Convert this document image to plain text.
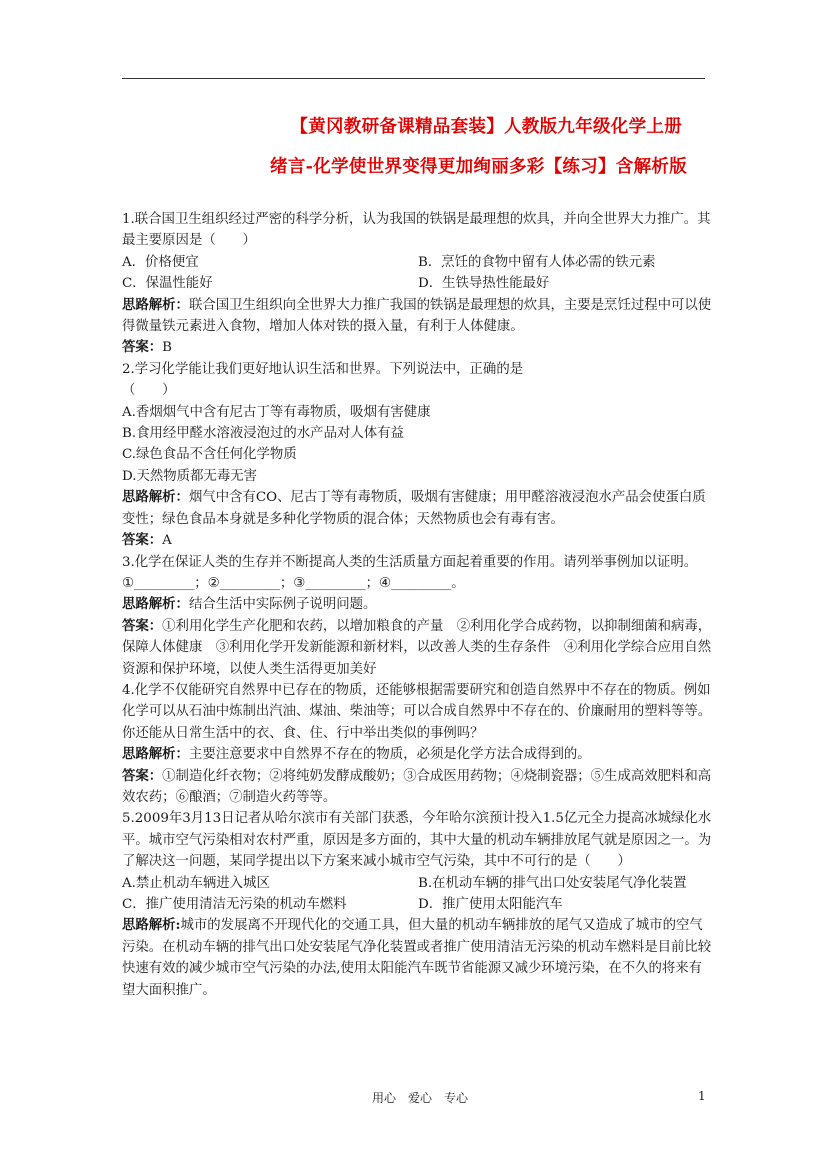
【黄冈教研备课精品套装】人教版九年级化学上册
绪言-化学使世界变得更加绚丽多彩【练习】含解析版

1.联合国卫生组织经过严密的科学分析，认为我国的铁锅是最理想的炊具，并向全世界大力推广。其最主要原因是（　　）

A．价格便宜	B．烹饪的食物中留有人体必需的铁元素
C．保温性能好	D．生铁导热性能最好

思路解析：联合国卫生组织向全世界大力推广我国的铁锅是最理想的炊具，主要是烹饪过程中可以使得微量铁元素进入食物，增加人体对铁的摄入量，有利于人体健康。

答案：B

2.学习化学能让我们更好地认识生活和世界。下列说法中，正确的是

（　　）

A.香烟烟气中含有尼古丁等有毒物质，吸烟有害健康

B.食用经甲醛水溶液浸泡过的水产品对人体有益

C.绿色食品不含任何化学物质

D.天然物质都无毒无害

思路解析：烟气中含有CO、尼古丁等有毒物质，吸烟有害健康；用甲醛溶液浸泡水产品会使蛋白质变性；绿色食品本身就是多种化学物质的混合体；天然物质也会有毒有害。

答案：A

3.化学在保证人类的生存并不断提高人类的生活质量方面起着重要的作用。请列举事例加以证明。

①_________；②_________；③_________；④_________。

思路解析：结合生活中实际例子说明问题。

答案：①利用化学生产化肥和农药，以增加粮食的产量　②利用化学合成药物，以抑制细菌和病毒，保障人体健康　③利用化学开发新能源和新材料，以改善人类的生存条件　④利用化学综合应用自然资源和保护环境，以使人类生活得更加美好

4.化学不仅能研究自然界中已存在的物质，还能够根据需要研究和创造自然界中不存在的物质。例如化学可以从石油中炼制出汽油、煤油、柴油等；可以合成自然界中不存在的、价廉耐用的塑料等等。你还能从日常生活中的衣、食、住、行中举出类似的事例吗？

思路解析：主要注意要求中自然界不存在的物质，必须是化学方法合成得到的。

答案：①制造化纤衣物；②将纯奶发酵成酸奶；③合成医用药物；④烧制瓷器；⑤生成高效肥料和高效农药；⑥酿酒；⑦制造火药等等。

5.2009年3月13日记者从哈尔滨市有关部门获悉，今年哈尔滨预计投入1.5亿元全力提高冰城绿化水平。城市空气污染相对农村严重，原因是多方面的，其中大量的机动车辆排放尾气就是原因之一。为了解决这一问题，某同学提出以下方案来减小城市空气污染，其中不可行的是（　　）

A.禁止机动车辆进入城区	B.在机动车辆的排气出口处安装尾气净化装置
C．推广使用清洁无污染的机动车燃料	D．推广使用太阳能汽车

思路解析:城市的发展离不开现代化的交通工具，但大量的机动车辆排放的尾气又造成了城市的空气污染。在机动车辆的排气出口处安装尾气净化装置或者推广使用清洁无污染的机动车燃料是目前比较快速有效的减少城市空气污染的办法,使用太阳能汽车既节省能源又减少环境污染，在不久的将来有望大面积推广。

用心　爱心　专心	1
